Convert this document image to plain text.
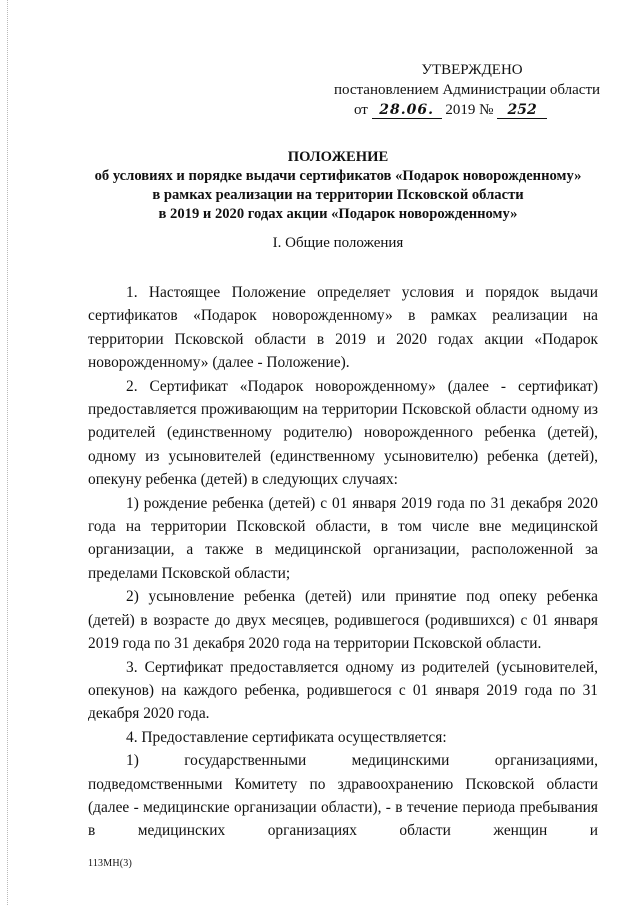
УТВЕРЖДЕНО
постановлением Администрации области
от 28.06. 2019 № 252
ПОЛОЖЕНИЕ
об условиях и порядке выдачи сертификатов «Подарок новорожденному»
в рамках реализации на территории Псковской области
в 2019 и 2020 годах акции «Подарок новорожденному»
I. Общие положения

1. Настоящее Положение определяет условия и порядок выдачи сертификатов «Подарок новорожденному» в рамках реализации на территории Псковской области в 2019 и 2020 годах акции «Подарок новорожденному» (далее - Положение).

2. Сертификат «Подарок новорожденному» (далее - сертификат) предоставляется проживающим на территории Псковской области одному из родителей (единственному родителю) новорожденного ребенка (детей), одному из усыновителей (единственному усыновителю) ребенка (детей), опекуну ребенка (детей) в следующих случаях:

1) рождение ребенка (детей) с 01 января 2019 года по 31 декабря 2020 года на территории Псковской области, в том числе вне медицинской организации, а также в медицинской организации, расположенной за пределами Псковской области;

2) усыновление ребенка (детей) или принятие под опеку ребенка (детей) в возрасте до двух месяцев, родившегося (родившихся) с 01 января 2019 года по 31 декабря 2020 года на территории Псковской области.

3. Сертификат предоставляется одному из родителей (усыновителей, опекунов) на каждого ребенка, родившегося с 01 января 2019 года по 31 декабря 2020 года.

4. Предоставление сертификата осуществляется:

1) государственными медицинскими организациями, подведомственными Комитету по здравоохранению Псковской области (далее - медицинские организации области), - в течение периода пребывания в медицинских организациях области женщин и

113МН(3)
